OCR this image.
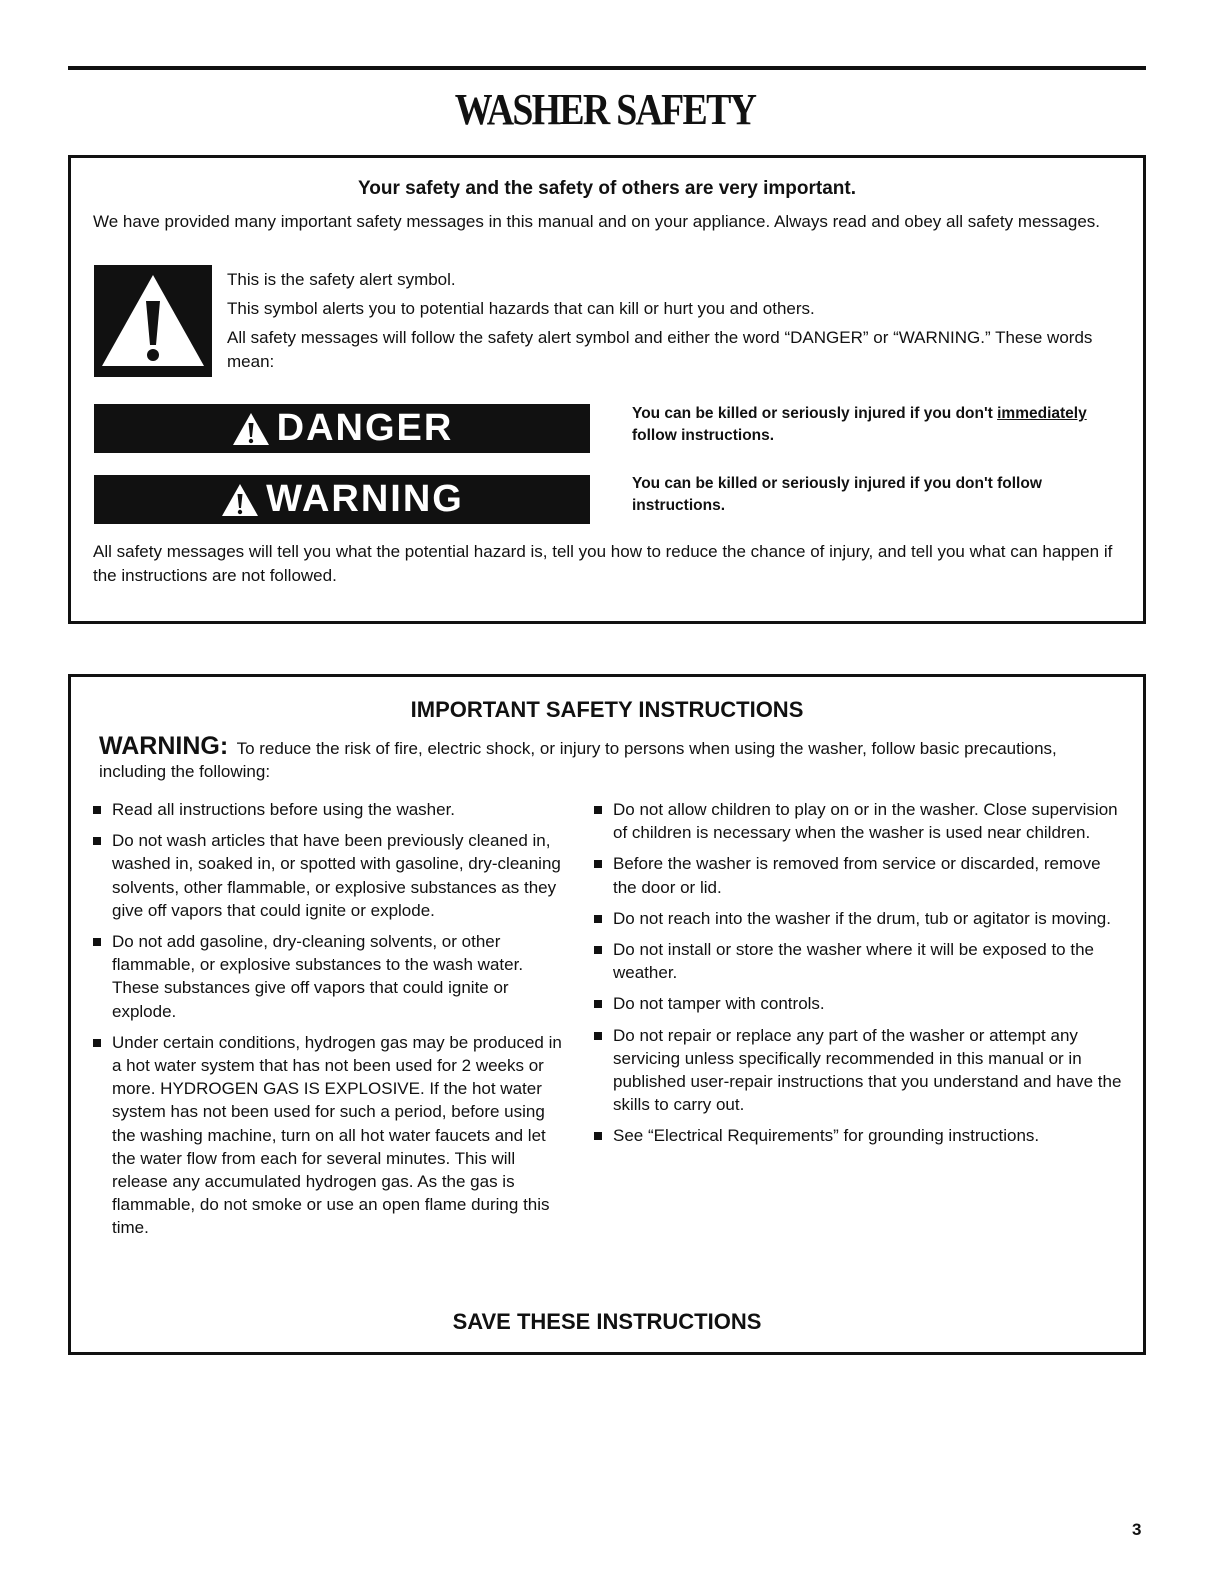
WASHER SAFETY
Your safety and the safety of others are very important.
We have provided many important safety messages in this manual and on your appliance. Always read and obey all safety messages.

This is the safety alert symbol.

This symbol alerts you to potential hazards that can kill or hurt you and others.

All safety messages will follow the safety alert symbol and either the word “DANGER” or “WARNING.” These words mean:

DANGER	You can be killed or seriously injured if you don't immediately follow instructions.
WARNING	You can be killed or seriously injured if you don't follow instructions.
All safety messages will tell you what the potential hazard is, tell you how to reduce the chance of injury, and tell you what can happen if the instructions are not followed.
IMPORTANT SAFETY INSTRUCTIONS
WARNING: To reduce the risk of fire, electric shock, or injury to persons when using the washer, follow basic precautions, including the following:
Read all instructions before using the washer.
Do not wash articles that have been previously cleaned in, washed in, soaked in, or spotted with gasoline, dry-cleaning solvents, other flammable, or explosive substances as they give off vapors that could ignite or explode.
Do not add gasoline, dry-cleaning solvents, or other flammable, or explosive substances to the wash water. These substances give off vapors that could ignite or explode.
Under certain conditions, hydrogen gas may be produced in a hot water system that has not been used for 2 weeks or more. HYDROGEN GAS IS EXPLOSIVE. If the hot water system has not been used for such a period, before using the washing machine, turn on all hot water faucets and let the water flow from each for several minutes. This will release any accumulated hydrogen gas. As the gas is flammable, do not smoke or use an open flame during this time.
Do not allow children to play on or in the washer. Close supervision of children is necessary when the washer is used near children.
Before the washer is removed from service or discarded, remove the door or lid.
Do not reach into the washer if the drum, tub or agitator is moving.
Do not install or store the washer where it will be exposed to the weather.
Do not tamper with controls.
Do not repair or replace any part of the washer or attempt any servicing unless specifically recommended in this manual or in published user-repair instructions that you understand and have the skills to carry out.
See “Electrical Requirements” for grounding instructions.
SAVE THESE INSTRUCTIONS
3
